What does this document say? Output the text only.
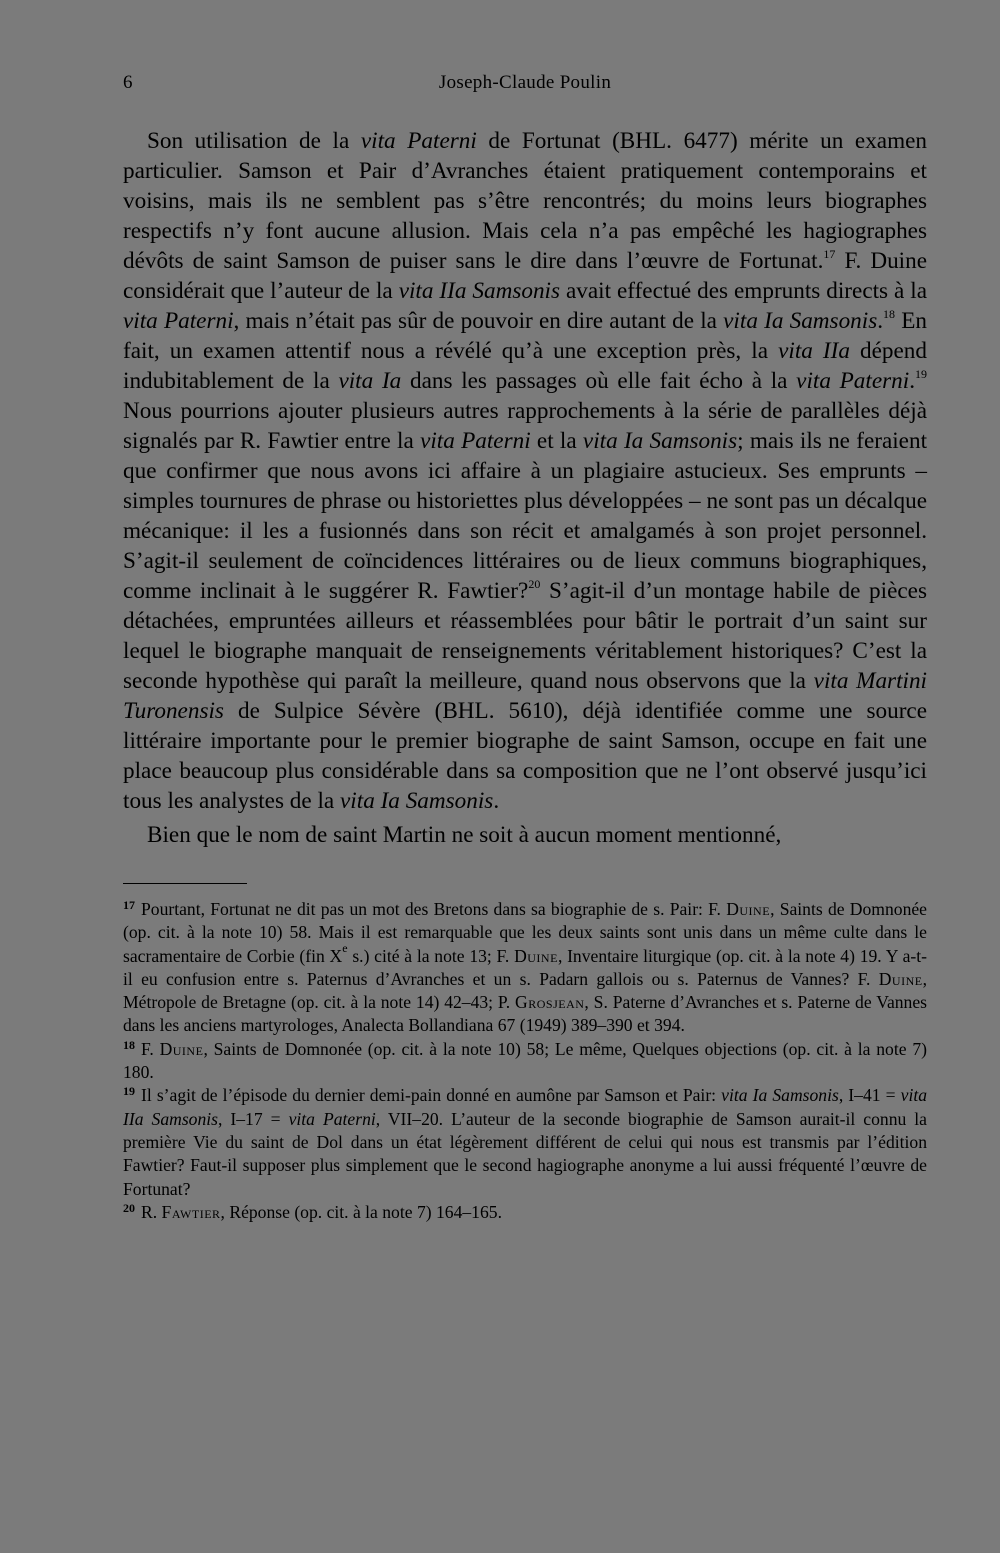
6	Joseph-Claude Poulin

Son utilisation de la vita Paterni de Fortunat (BHL. 6477) mérite un examen particulier. Samson et Pair d’Avranches étaient pratiquement contemporains et voisins, mais ils ne semblent pas s’être rencontrés; du moins leurs biographes respectifs n’y font aucune allusion. Mais cela n’a pas empêché les hagiographes dévôts de saint Samson de puiser sans le dire dans l’œuvre de Fortunat.$^{17}$ F. Duine considérait que l’auteur de la vita IIa Samsonis avait effectué des emprunts directs à la vita Paterni, mais n’était pas sûr de pouvoir en dire autant de la vita Ia Samsonis.$^{18}$ En fait, un examen attentif nous a révélé qu’à une exception près, la vita IIa dépend indubitablement de la vita Ia dans les passages où elle fait écho à la vita Paterni.$^{19}$ Nous pourrions ajouter plusieurs autres rapprochements à la série de parallèles déjà signalés par R. Fawtier entre la vita Paterni et la vita Ia Samsonis; mais ils ne feraient que confirmer que nous avons ici affaire à un plagiaire astucieux. Ses emprunts – simples tournures de phrase ou historiettes plus développées – ne sont pas un décalque mécanique: il les a fusionnés dans son récit et amalgamés à son projet personnel. S’agit-il seulement de coïncidences littéraires ou de lieux communs biographiques, comme inclinait à le suggérer R. Fawtier?$^{20}$ S’agit-il d’un montage habile de pièces détachées, empruntées ailleurs et réassemblées pour bâtir le portrait d’un saint sur lequel le biographe manquait de renseignements véritablement historiques? C’est la seconde hypothèse qui paraît la meilleure, quand nous observons que la vita Martini Turonensis de Sulpice Sévère (BHL. 5610), déjà identifiée comme une source littéraire importante pour le premier biographe de saint Samson, occupe en fait une place beaucoup plus considérable dans sa composition que ne l’ont observé jusqu’ici tous les analystes de la vita Ia Samsonis.

Bien que le nom de saint Martin ne soit à aucun moment mentionné,

$^{17}$ Pourtant, Fortunat ne dit pas un mot des Bretons dans sa biographie de s. Pair: F. Duine, Saints de Domnonée (op. cit. à la note 10) 58. Mais il est remarquable que les deux saints sont unis dans un même culte dans le sacramentaire de Corbie (fin Xe s.) cité à la note 13; F. Duine, Inventaire liturgique (op. cit. à la note 4) 19. Y a-t-il eu confusion entre s. Paternus d’Avranches et un s. Padarn gallois ou s. Paternus de Vannes? F. Duine, Métropole de Bretagne (op. cit. à la note 14) 42–43; P. Grosjean, S. Paterne d’Avranches et s. Paterne de Vannes dans les anciens martyrologes, Analecta Bollandiana 67 (1949) 389–390 et 394.

$^{18}$ F. Duine, Saints de Domnonée (op. cit. à la note 10) 58; Le même, Quelques objections (op. cit. à la note 7) 180.

$^{19}$ Il s’agit de l’épisode du dernier demi-pain donné en aumône par Samson et Pair: vita Ia Samsonis, I–41 = vita IIa Samsonis, I–17 = vita Paterni, VII–20. L’auteur de la seconde biographie de Samson aurait-il connu la première Vie du saint de Dol dans un état légèrement différent de celui qui nous est transmis par l’édition Fawtier? Faut-il supposer plus simplement que le second hagiographe anonyme a lui aussi fréquenté l’œuvre de Fortunat?

$^{20}$ R. Fawtier, Réponse (op. cit. à la note 7) 164–165.
